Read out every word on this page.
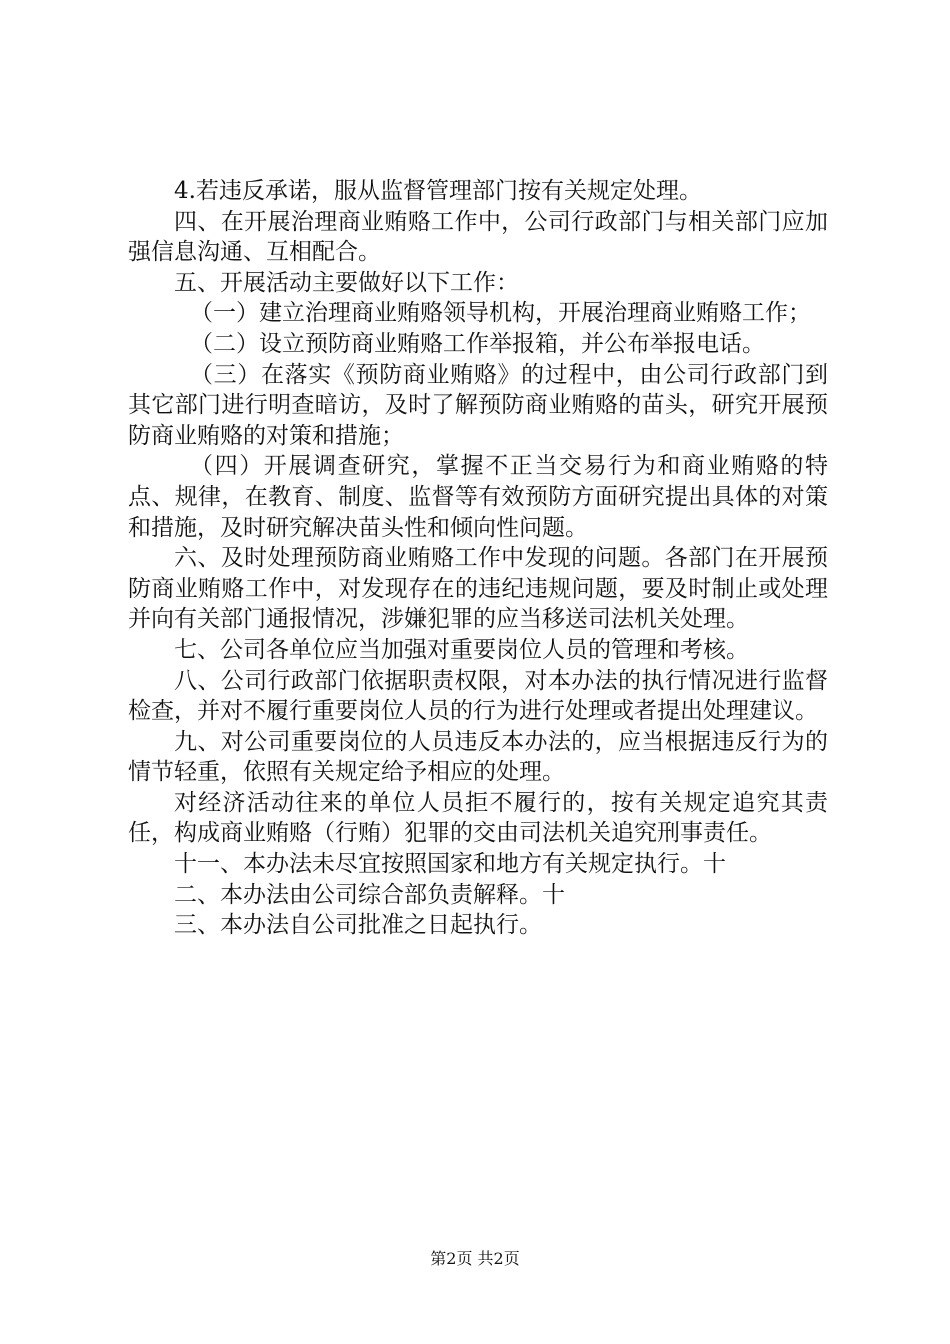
4.若违反承诺，服从监督管理部门按有关规定处理。

四、在开展治理商业贿赂工作中，公司行政部门与相关部门应加强信息沟通、互相配合。

五、开展活动主要做好以下工作：

（一）建立治理商业贿赂领导机构，开展治理商业贿赂工作；

（二）设立预防商业贿赂工作举报箱，并公布举报电话。

（三）在落实《预防商业贿赂》的过程中，由公司行政部门到其它部门进行明查暗访，及时了解预防商业贿赂的苗头，研究开展预防商业贿赂的对策和措施；

（四）开展调查研究，掌握不正当交易行为和商业贿赂的特点、规律，在教育、制度、监督等有效预防方面研究提出具体的对策和措施，及时研究解决苗头性和倾向性问题。

六、及时处理预防商业贿赂工作中发现的问题。各部门在开展预防商业贿赂工作中，对发现存在的违纪违规问题，要及时制止或处理并向有关部门通报情况，涉嫌犯罪的应当移送司法机关处理。

七、公司各单位应当加强对重要岗位人员的管理和考核。

八、公司行政部门依据职责权限，对本办法的执行情况进行监督检查，并对不履行重要岗位人员的行为进行处理或者提出处理建议。

九、对公司重要岗位的人员违反本办法的，应当根据违反行为的情节轻重，依照有关规定给予相应的处理。

对经济活动往来的单位人员拒不履行的，按有关规定追究其责任，构成商业贿赂（行贿）犯罪的交由司法机关追究刑事责任。

十一、本办法未尽宜按照国家和地方有关规定执行。十

二、本办法由公司综合部负责解释。十

三、本办法自公司批准之日起执行。

第2页 共2页
